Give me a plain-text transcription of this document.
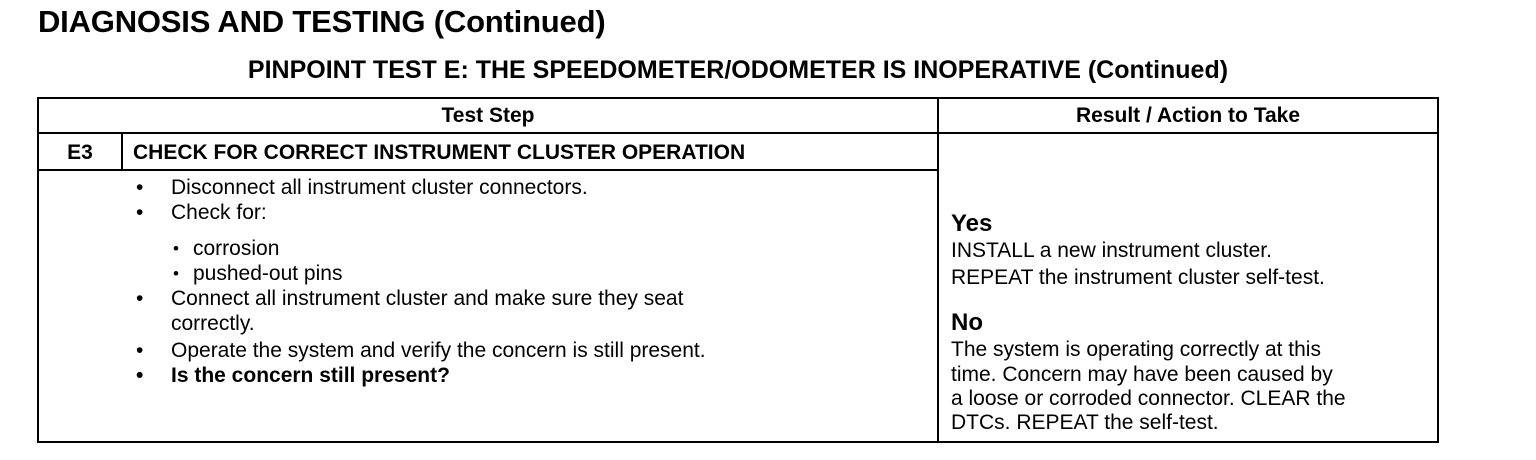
DIAGNOSIS AND TESTING (Continued)
PINPOINT TEST E: THE SPEEDOMETER/ODOMETER IS INOPERATIVE (Continued)
Test Step	Result / Action to Take
E3	CHECK FOR CORRECT INSTRUMENT CLUSTER OPERATION
• Disconnect all instrument cluster connectors.
• Check for:
• corrosion
• pushed-out pins
• Connect all instrument cluster and make sure they seat
correctly.
• Operate the system and verify the concern is still present.
• Is the concern still present?
Yes
INSTALL a new instrument cluster.
REPEAT the instrument cluster self-test.
No
The system is operating correctly at this
time. Concern may have been caused by
a loose or corroded connector. CLEAR the
DTCs. REPEAT the self-test.
